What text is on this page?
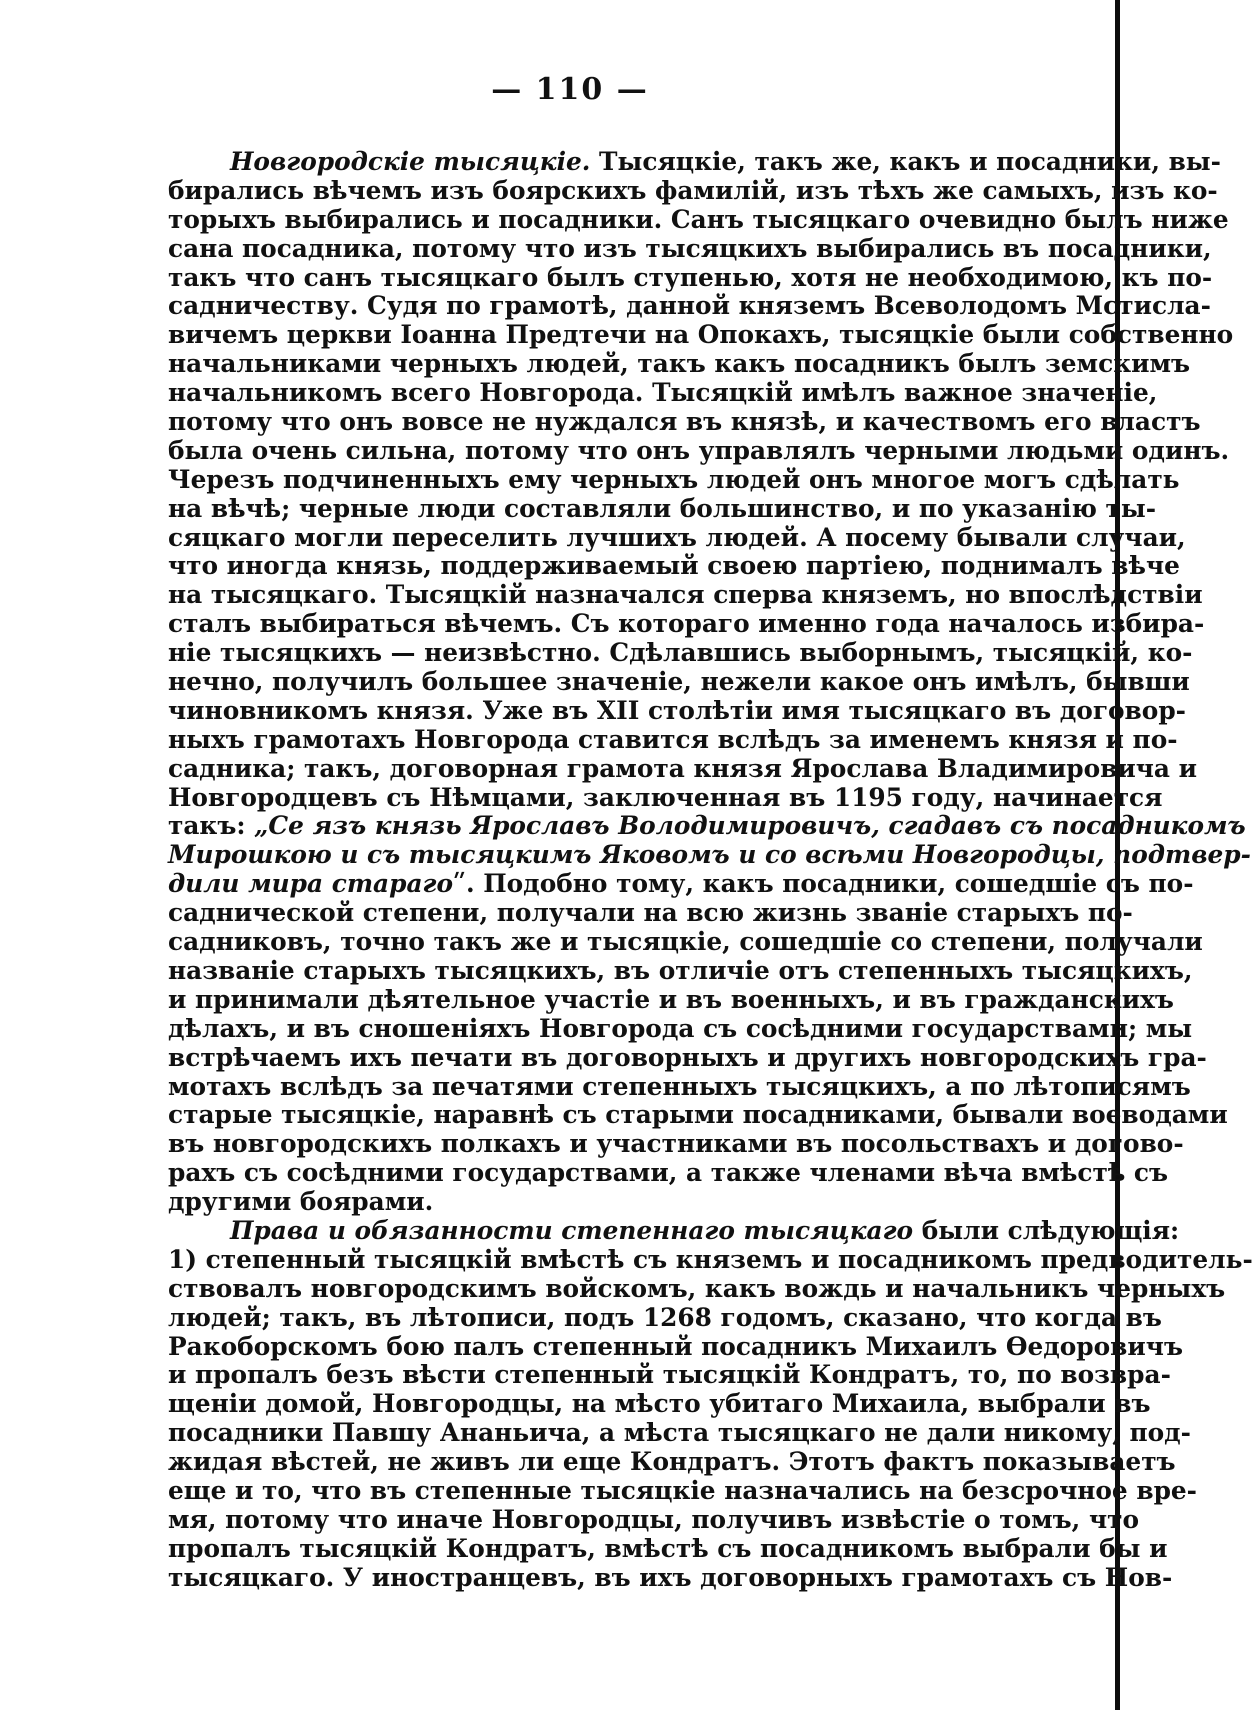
— 110 —
Новгородскіе тысяцкіе. Тысяцкіе, такъ же, какъ и посадники, вы-
бирались вѣчемъ изъ боярскихъ фамилій, изъ тѣхъ же самыхъ, изъ ко-
торыхъ выбирались и посадники. Санъ тысяцкаго очевидно былъ ниже
сана посадника, потому что изъ тысяцкихъ выбирались въ посадники,
такъ что санъ тысяцкаго былъ ступенью, хотя не необходимою, къ по-
садничеству. Судя по грамотѣ, данной княземъ Всеволодомъ Мстисла-
вичемъ церкви Іоанна Предтечи на Опокахъ, тысяцкіе были собственно
начальниками черныхъ людей, такъ какъ посадникъ былъ земскимъ
начальникомъ всего Новгорода. Тысяцкій имѣлъ важное значеніе,
потому что онъ вовсе не нуждался въ князѣ, и качествомъ его властъ
была очень сильна, потому что онъ управлялъ черными людьми одинъ.
Черезъ подчиненныхъ ему черныхъ людей онъ многое могъ сдѣлать
на вѣчѣ; черные люди составляли большинство, и по указанію ты-
сяцкаго могли переселить лучшихъ людей. А посему бывали случаи,
что иногда князь, поддерживаемый своею партіею, поднималъ вѣче
на тысяцкаго. Тысяцкій назначался сперва княземъ, но впослѣдствіи
сталъ выбираться вѣчемъ. Съ котораго именно года началось избира-
ніе тысяцкихъ — неизвѣстно. Сдѣлавшись выборнымъ, тысяцкій, ко-
нечно, получилъ большее значеніе, нежели какое онъ имѣлъ, бывши
чиновникомъ князя. Уже въ XII столѣтіи имя тысяцкаго въ договор-
ныхъ грамотахъ Новгорода ставится вслѣдъ за именемъ князя и по-
садника; такъ, договорная грамота князя Ярослава Владимировича и
Новгородцевъ съ Нѣмцами, заключенная въ 1195 году, начинается
такъ: „Се язъ князь Ярославъ Володимировичъ, сгадавъ съ посадникомъ
Мирошкою и съ тысяцкимъ Яковомъ и со всѣми Новгородцы, подтвер-
дили мира старагоʺ. Подобно тому, какъ посадники, сошедшіе съ по-
саднической степени, получали на всю жизнь званіе старыхъ по-
садниковъ, точно такъ же и тысяцкіе, сошедшіе со степени, получали
названіе старыхъ тысяцкихъ, въ отличіе отъ степенныхъ тысяцкихъ,
и принимали дѣятельное участіе и въ военныхъ, и въ гражданскихъ
дѣлахъ, и въ сношеніяхъ Новгорода съ сосѣдними государствами; мы
встрѣчаемъ ихъ печати въ договорныхъ и другихъ новгородскихъ гра-
мотахъ вслѣдъ за печатями степенныхъ тысяцкихъ, а по лѣтописямъ
старые тысяцкіе, наравнѣ съ старыми посадниками, бывали воеводами
въ новгородскихъ полкахъ и участниками въ посольствахъ и догово-
рахъ съ сосѣдними государствами, а также членами вѣча вмѣстѣ съ
другими боярами.
Права и обязанности степеннаго тысяцкаго были слѣдующія:
1) степенный тысяцкій вмѣстѣ съ княземъ и посадникомъ предводитель-
ствовалъ новгородскимъ войскомъ, какъ вождь и начальникъ черныхъ
людей; такъ, въ лѣтописи, подъ 1268 годомъ, сказано, что когда въ
Ракоборскомъ бою палъ степенный посадникъ Михаилъ Ѳедоровичъ
и пропалъ безъ вѣсти степенный тысяцкій Кондратъ, то, по возвра-
щеніи домой, Новгородцы, на мѣсто убитаго Михаила, выбрали въ
посадники Павшу Ананьича, а мѣста тысяцкаго не дали никому, под-
жидая вѣстей, не живъ ли еще Кондратъ. Этотъ фактъ показываетъ
еще и то, что въ степенные тысяцкіе назначались на безсрочное вре-
мя, потому что иначе Новгородцы, получивъ извѣстіе о томъ, что
пропалъ тысяцкій Кондратъ, вмѣстѣ съ посадникомъ выбрали бы и
тысяцкаго. У иностранцевъ, въ ихъ договорныхъ грамотахъ съ Нов-
